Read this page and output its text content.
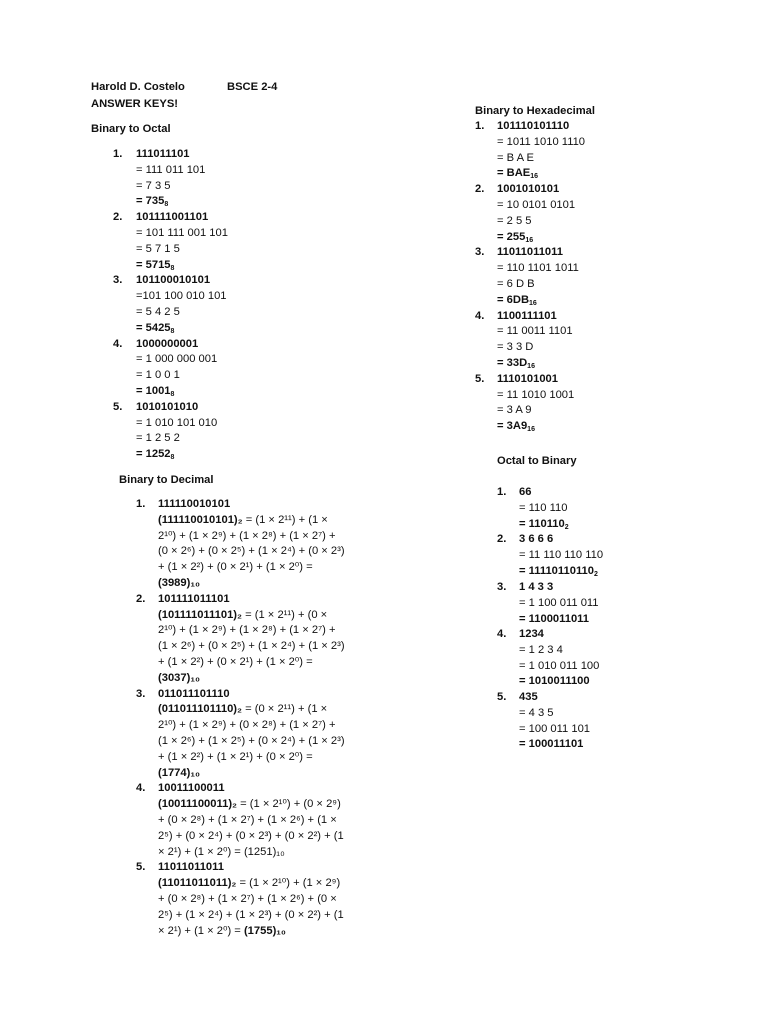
Harold D. Costelo	BSCE 2-4
ANSWER KEYS!
Binary to Octal
1. 111011101
= 111 011 101
= 7 3 5
= $735_8$
2. 101111001101
= 101 111 001 101
= 5 7 1 5
= $5715_8$
3. 101100010101
=101 100 010 101
= 5 4 2 5
= $5425_8$
4. 1000000001
= 1 000 000 001
= 1 0 0 1
= $1001_8$
5. 1010101010
= 1 010 101 010
= 1 2 5 2
= $1252_8$
Binary to Decimal
1. 111110010101
(111110010101)₂ = (1 × 2¹¹) + (1 ×
2¹⁰) + (1 × 2⁹) + (1 × 2⁸) + (1 × 2⁷) +
(0 × 2⁶) + (0 × 2⁵) + (1 × 2⁴) + (0 × 2³)
+ (1 × 2²) + (0 × 2¹) + (1 × 2⁰) =
(3989)₁₀
2. 101111011101
(101111011101)₂ = (1 × 2¹¹) + (0 ×
2¹⁰) + (1 × 2⁹) + (1 × 2⁸) + (1 × 2⁷) +
(1 × 2⁶) + (0 × 2⁵) + (1 × 2⁴) + (1 × 2³)
+ (1 × 2²) + (0 × 2¹) + (1 × 2⁰) =
(3037)₁₀
3. 011011101110
(011011101110)₂ = (0 × 2¹¹) + (1 ×
2¹⁰) + (1 × 2⁹) + (0 × 2⁸) + (1 × 2⁷) +
(1 × 2⁶) + (1 × 2⁵) + (0 × 2⁴) + (1 × 2³)
+ (1 × 2²) + (1 × 2¹) + (0 × 2⁰) =
(1774)₁₀
4. 10011100011
(10011100011)₂ = (1 × 2¹⁰) + (0 × 2⁹)
+ (0 × 2⁸) + (1 × 2⁷) + (1 × 2⁶) + (1 ×
2⁵) + (0 × 2⁴) + (0 × 2³) + (0 × 2²) + (1
× 2¹) + (1 × 2⁰) = (1251)₁₀
5. 11011011011
(11011011011)₂ = (1 × 2¹⁰) + (1 × 2⁹)
+ (0 × 2⁸) + (1 × 2⁷) + (1 × 2⁶) + (0 ×
2⁵) + (1 × 2⁴) + (1 × 2³) + (0 × 2²) + (1
× 2¹) + (1 × 2⁰) = (1755)₁₀
Binary to Hexadecimal
1. 101110101110
= 1011 1010 1110
= B A E
= $BAE_{16}$
2. 1001010101
= 10 0101 0101
= 2 5 5
= $255_{16}$
3. 11011011011
= 110 1101 1011
= 6 D B
= $6DB_{16}$
4. 1100111101
= 11 0011 1101
= 3 3 D
= $33D_{16}$
5. 1110101001
= 11 1010 1001
= 3 A 9
= $3A9_{16}$
Octal to Binary
1. 66
= 110 110
= $110110_2$
2. 3 6 6 6
= 11 110 110 110
= $11110110110_2$
3. 1 4 3 3
= 1 100 011 011
= 1100011011
4. 1234
= 1 2 3 4
= 1 010 011 100
= 1010011100
5. 435
= 4 3 5
= 100 011 101
= 100011101
